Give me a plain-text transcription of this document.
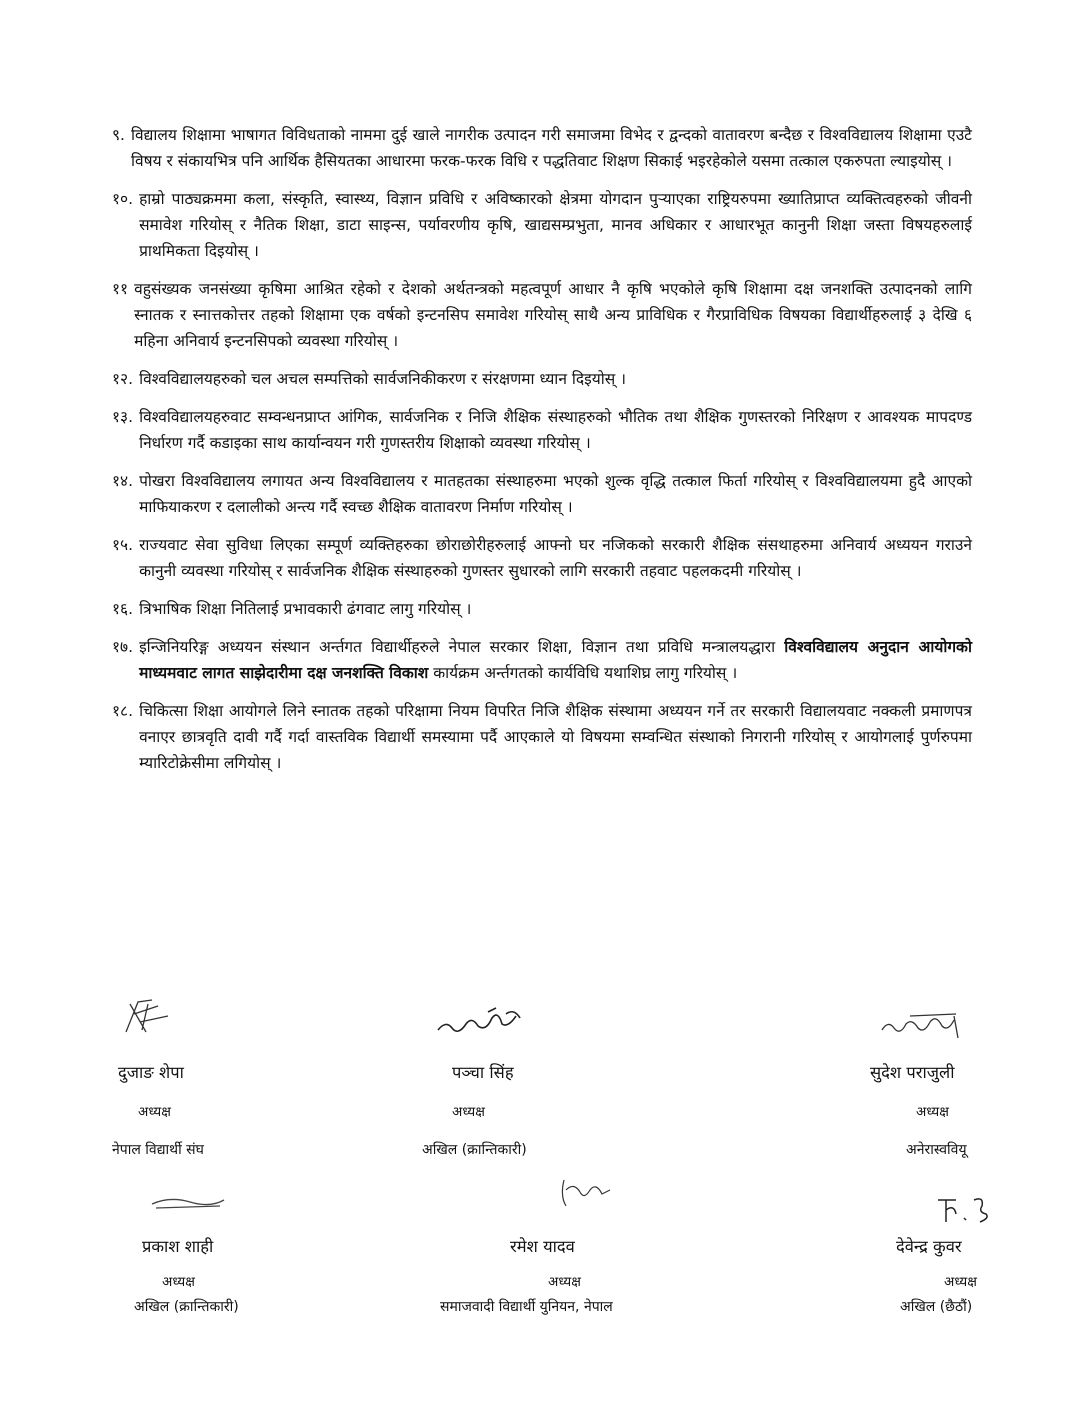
९. विद्यालय शिक्षामा भाषागत विविधताको नाममा दुई खाले नागरीक उत्पादन गरी समाजमा विभेद र द्वन्दको वातावरण बन्दैछ र विश्वविद्यालय शिक्षामा एउटै विषय र संकायभित्र पनि आर्थिक हैसियतका आधारमा फरक-फरक विधि र पद्धतिवाट शिक्षण सिकाई भइरहेकोले यसमा तत्काल एकरुपता ल्याइयोस् ।
१०. हाम्रो पाठ्यक्रममा कला, संस्कृति, स्वास्थ्य, विज्ञान प्रविधि र अविष्कारको क्षेत्रमा योगदान पुर्‍याएका राष्ट्रियरुपमा ख्यातिप्राप्त व्यक्तित्वहरुको जीवनी समावेश गरियोस् र नैतिक शिक्षा, डाटा साइन्स, पर्यावरणीय कृषि, खाद्यसम्प्रभुता, मानव अधिकार र आधारभूत कानुनी शिक्षा जस्ता विषयहरुलाई प्राथमिकता दिइयोस् ।
११ वहुसंख्यक जनसंख्या कृषिमा आश्रित रहेको र देशको अर्थतन्त्रको महत्वपूर्ण आधार नै कृषि भएकोले कृषि शिक्षामा दक्ष जनशक्ति उत्पादनको लागि स्नातक र स्नात्तकोत्तर तहको शिक्षामा एक वर्षको इन्टनसिप समावेश गरियोस् साथै अन्य प्राविधिक र गैरप्राविधिक विषयका विद्यार्थीहरुलाई ३ देखि ६ महिना अनिवार्य इन्टनसिपको व्यवस्था गरियोस् ।
१२. विश्वविद्यालयहरुको चल अचल सम्पत्तिको सार्वजनिकीकरण र संरक्षणमा ध्यान दिइयोस् ।
१३. विश्वविद्यालयहरुवाट सम्वन्धनप्राप्त आंगिक, सार्वजनिक र निजि शैक्षिक संस्थाहरुको भौतिक तथा शैक्षिक गुणस्तरको निरिक्षण र आवश्यक मापदण्ड निर्धारण गर्दै कडाइका साथ कार्यान्वयन गरी गुणस्तरीय शिक्षाको व्यवस्था गरियोस् ।
१४. पोखरा विश्वविद्यालय लगायत अन्य विश्वविद्यालय र मातहतका संस्थाहरुमा भएको शुल्क वृद्धि तत्काल फिर्ता गरियोस् र विश्वविद्यालयमा हुदै आएको माफियाकरण र दलालीको अन्त्य गर्दै स्वच्छ शैक्षिक वातावरण निर्माण गरियोस् ।
१५. राज्यवाट सेवा सुविधा लिएका सम्पूर्ण व्यक्तिहरुका छोराछोरीहरुलाई आफ्नो घर नजिकको सरकारी शैक्षिक संसथाहरुमा अनिवार्य अध्ययन गराउने कानुनी व्यवस्था गरियोस् र सार्वजनिक शैक्षिक संस्थाहरुको गुणस्तर सुधारको लागि सरकारी तहवाट पहलकदमी गरियोस् ।
१६. त्रिभाषिक शिक्षा नितिलाई प्रभावकारी ढंगवाट लागु गरियोस् ।
१७. इन्जिनियरिङ्ग अध्ययन संस्थान अर्न्तगत विद्यार्थीहरुले नेपाल सरकार शिक्षा, विज्ञान तथा प्रविधि मन्त्रालयद्धारा विश्वविद्यालय अनुदान आयोगको माध्यमवाट लागत साझेदारीमा दक्ष जनशक्ति विकाश कार्यक्रम अर्न्तगतको कार्यविधि यथाशिघ्र लागु गरियोस् ।
१८. चिकित्सा शिक्षा आयोगले लिने स्नातक तहको परिक्षामा नियम विपरित निजि शैक्षिक संस्थामा अध्ययन गर्ने तर सरकारी विद्यालयवाट नक्कली प्रमाणपत्र वनाएर छात्रवृति दावी गर्दै गर्दा वास्तविक विद्यार्थी समस्यामा पर्दै आएकाले यो विषयमा सम्वन्धित संस्थाको निगरानी गरियोस् र आयोगलाई पुर्णरुपमा म्यारिटोक्रेसीमा लगियोस् ।
दुजाङ शेपा
अध्यक्ष
नेपाल विद्यार्थी संघ
पञ्चा सिंह
अध्यक्ष
अखिल (क्रान्तिकारी)
सुदेश पराजुली
अध्यक्ष
अनेरास्ववियू
प्रकाश शाही
अध्यक्ष
अखिल (क्रान्तिकारी)
रमेश यादव
अध्यक्ष
समाजवादी विद्यार्थी युनियन, नेपाल
देवेन्द्र कुवर
अध्यक्ष
अखिल (छैठौं)
